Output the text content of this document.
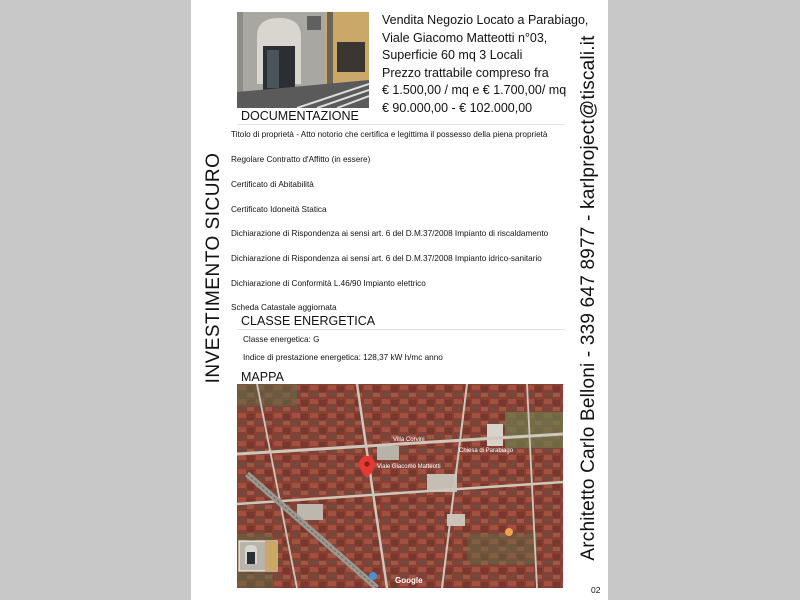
INVESTIMENTO SICURO	Architetto Carlo Belloni - 339 647 8977 - karlproject@tiscali.it
Vendita Negozio Locato a Parabiago,
Viale Giacomo Matteotti n°03,
Superficie 60 mq 3 Locali
Prezzo trattabile compreso fra
€ 1.500,00 / mq e € 1.700,00/ mq
€ 90.000,00 - € 102.000,00
DOCUMENTAZIONE
Titolo di proprietà - Atto notorio che certifica e legittima il possesso della piena proprietà
Regolare Contratto d'Affitto (in essere)
Certificato di Abitabilità
Certificato Idoneità Statica
Dichiarazione di Rispondenza ai sensi art. 6 del D.M.37/2008 Impianto di riscaldamento
Dichiarazione di Rispondenza ai sensi art. 6 del D.M.37/2008 Impianto idrico-sanitario
Dichiarazione di Conformità L.46/90 Impianto elettrico
Scheda Catastale aggiornata
CLASSE ENERGETICA
Classe energetica: G
Indice di prestazione energetica: 128,37 kW h/mc anno
MAPPA
Viale Giacomo Matteotti
Villa Corvini
Chiesa di Parabiago
Google
02
